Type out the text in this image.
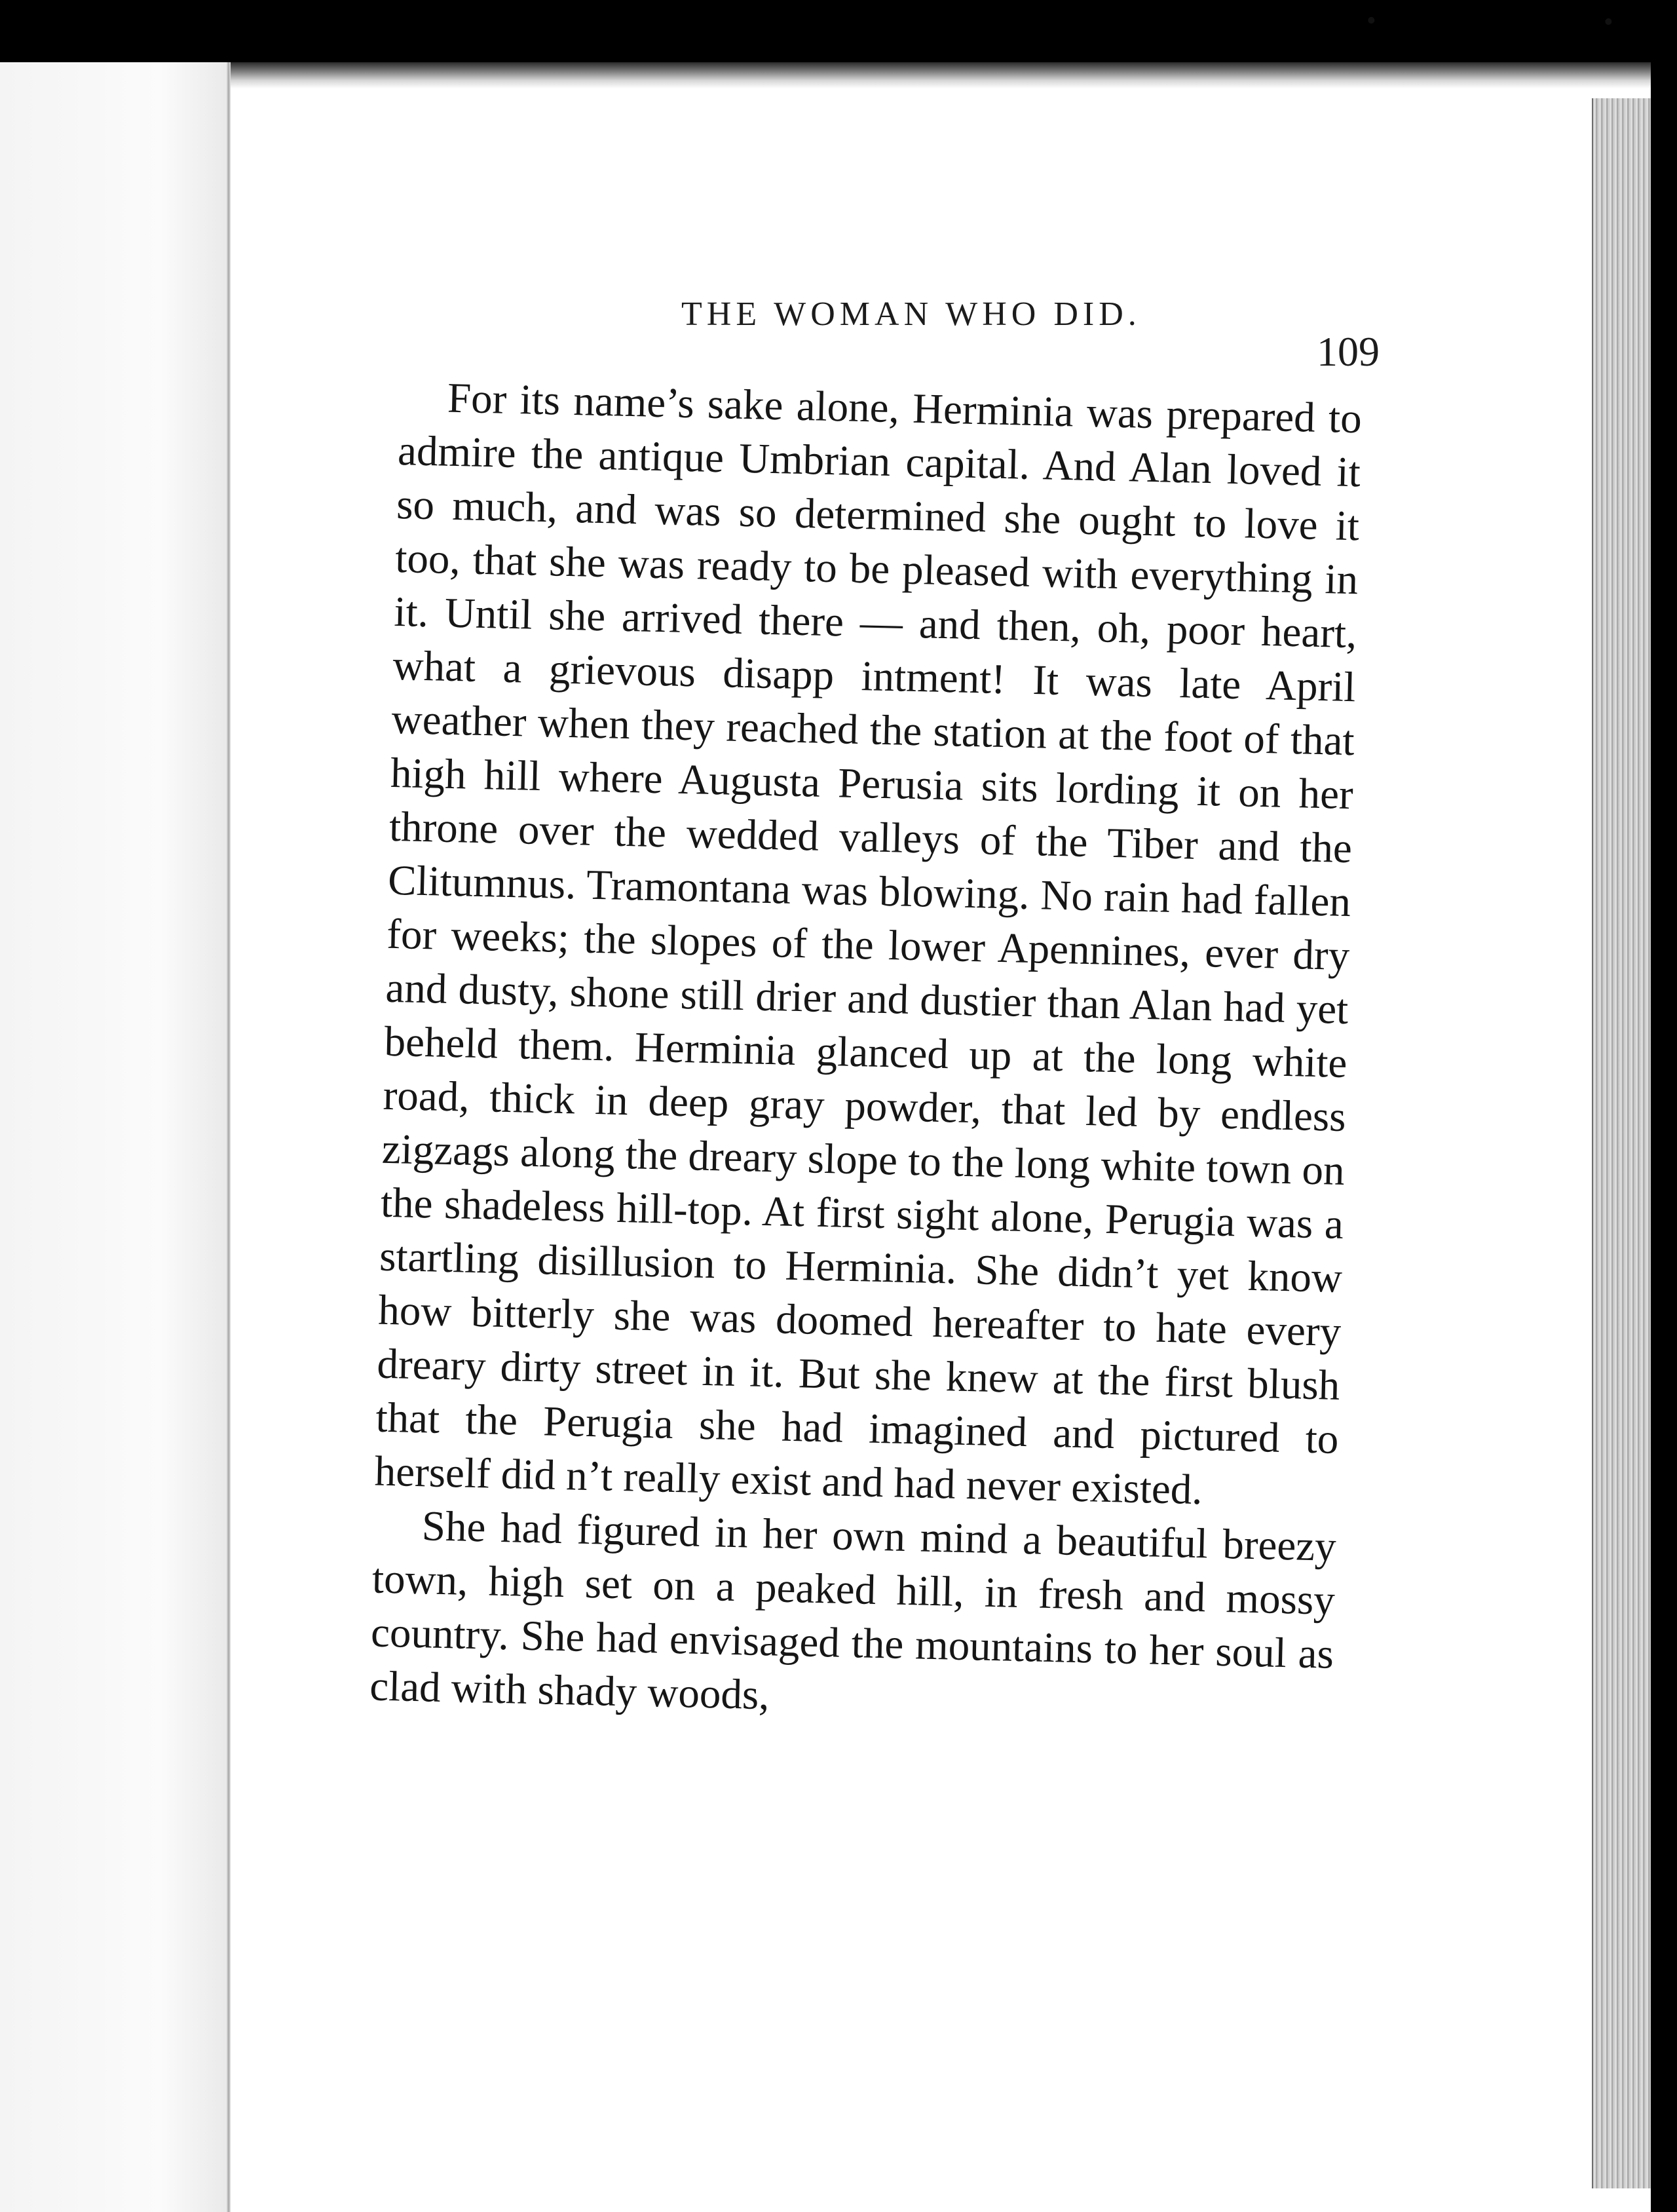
THE WOMAN WHO DID.
109

For its name’s sake alone, Herminia was prepared to admire the antique Umbrian capital. And Alan loved it so much, and was so determined she ought to love it too, that she was ready to be pleased with everything in it. Until she arrived there — and then, oh, poor heart, what a grievous disapp intment! It was late April weather when they reached the station at the foot of that high hill where Augusta Perusia sits lording it on her throne over the wedded valleys of the Tiber and the Clitumnus. Tramontana was blowing. No rain had fallen for weeks; the slopes of the lower Apennines, ever dry and dusty, shone still drier and dustier than Alan had yet beheld them. Herminia glanced up at the long white road, thick in deep gray powder, that led by endless zigzags along the dreary slope to the long white town on the shadeless hill-top. At first sight alone, Perugia was a startling disillusion to Herminia. She didn’t yet know how bitterly she was doomed hereafter to hate every dreary dirty street in it. But she knew at the first blush that the Perugia she had imagined and pictured to herself did n’t really exist and had never existed.

She had figured in her own mind a beautiful breezy town, high set on a peaked hill, in fresh and mossy country. She had envisaged the mountains to her soul as clad with shady woods,

•	•
